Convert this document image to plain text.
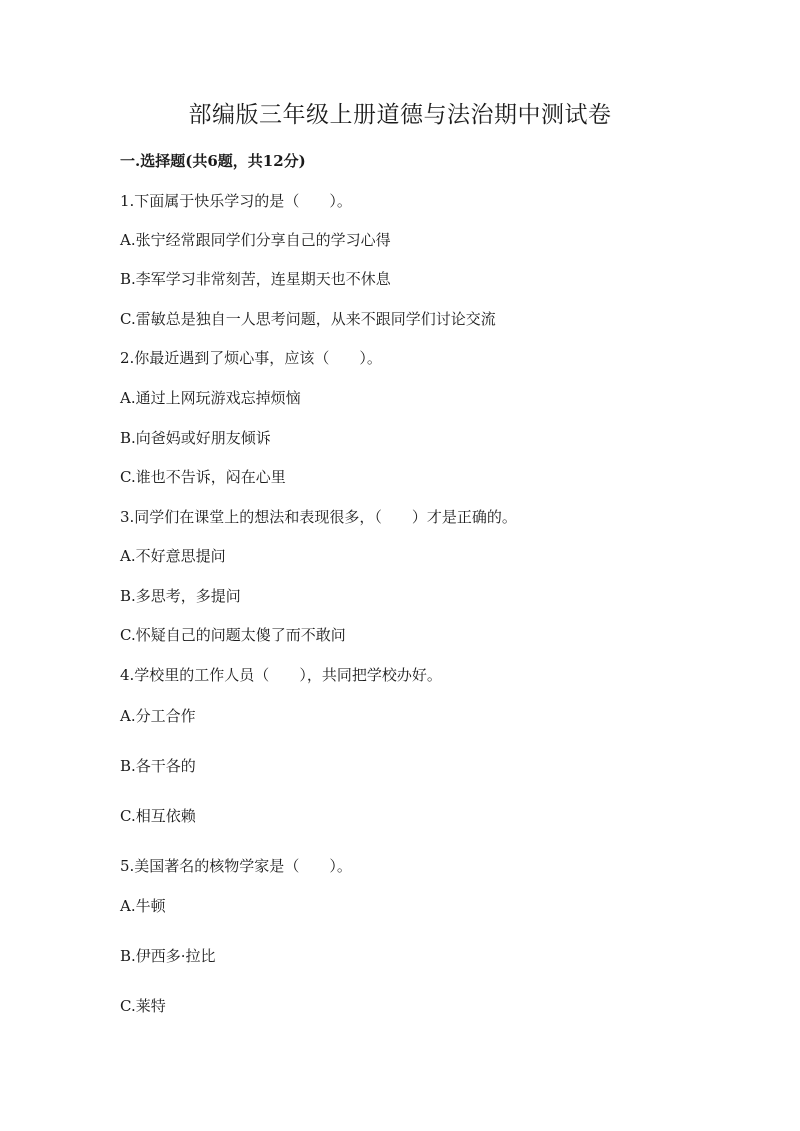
部编版三年级上册道德与法治期中测试卷
一.选择题(共6题，共12分)
1.下面属于快乐学习的是（　　）。
A.张宁经常跟同学们分享自己的学习心得
B.李军学习非常刻苦，连星期天也不休息
C.雷敏总是独自一人思考问题，从来不跟同学们讨论交流
2.你最近遇到了烦心事，应该（　　）。
A.通过上网玩游戏忘掉烦恼
B.向爸妈或好朋友倾诉
C.谁也不告诉，闷在心里
3.同学们在课堂上的想法和表现很多，（　　）才是正确的。
A.不好意思提问
B.多思考，多提问
C.怀疑自己的问题太傻了而不敢问
4.学校里的工作人员（　　），共同把学校办好。
A.分工合作
B.各干各的
C.相互依赖
5.美国著名的核物学家是（　　）。
A.牛顿
B.伊西多·拉比
C.莱特
